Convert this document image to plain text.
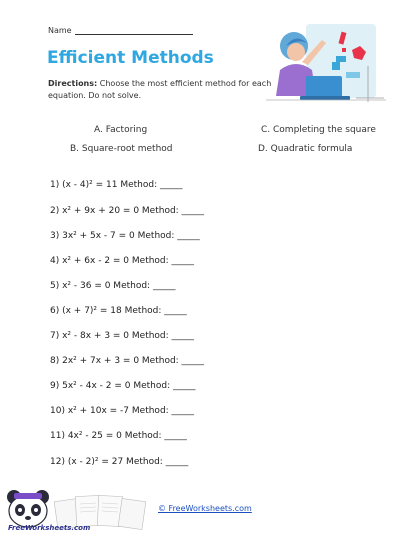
Name
Efficient Methods
Directions: Choose the most efficient method for each equation. Do not solve.
A. Factoring	C. Completing the square
B. Square-root method	D. Quadratic formula
1) (x - 4)² = 11 Method: _____
2) x² + 9x + 20 = 0 Method: _____
3) 3x² + 5x - 7 = 0 Method: _____
4) x² + 6x - 2 = 0 Method: _____
5) x² - 36 = 0 Method: _____
6) (x + 7)² = 18 Method: _____
7) x² - 8x + 3 = 0 Method: _____
8) 2x² + 7x + 3 = 0 Method: _____
9) 5x² - 4x - 2 = 0 Method: _____
10) x² + 10x = -7 Method: _____
11) 4x² - 25 = 0 Method: _____
12) (x - 2)² = 27 Method: _____
FreeWorksheets.com
© FreeWorksheets.com
